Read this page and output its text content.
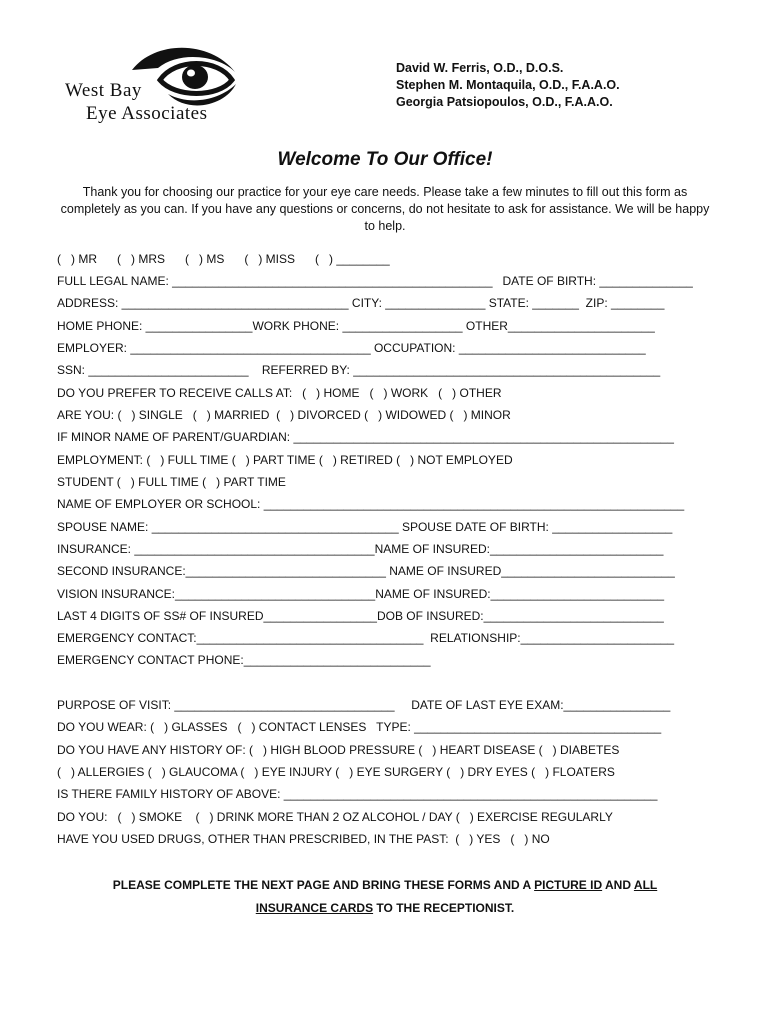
West Bay
Eye Associates
David W. Ferris, O.D., D.O.S.
Stephen M. Montaquila, O.D., F.A.A.O.
Georgia Patsiopoulos, O.D., F.A.A.O.
Welcome To Our Office!
Thank you for choosing our practice for your eye care needs. Please take a few minutes to fill out this form as completely as you can. If you have any questions or concerns, do not hesitate to ask for assistance. We will be happy to help.
(   ) MR      (   ) MRS      (   ) MS      (   ) MISS      (   ) ________
FULL LEGAL NAME: ________________________________________________   DATE OF BIRTH: ______________
ADDRESS: __________________________________ CITY: _______________ STATE: _______  ZIP: ________
HOME PHONE: ________________WORK PHONE: __________________ OTHER______________________
EMPLOYER: ____________________________________ OCCUPATION: ____________________________
SSN: ________________________    REFERRED BY: ______________________________________________
DO YOU PREFER TO RECEIVE CALLS AT:   (   ) HOME   (   ) WORK   (   ) OTHER
ARE YOU: (   ) SINGLE   (   ) MARRIED  (   ) DIVORCED (   ) WIDOWED (   ) MINOR
IF MINOR NAME OF PARENT/GUARDIAN: _________________________________________________________
EMPLOYMENT: (   ) FULL TIME (   ) PART TIME (   ) RETIRED (   ) NOT EMPLOYED
STUDENT (   ) FULL TIME (   ) PART TIME
NAME OF EMPLOYER OR SCHOOL: _______________________________________________________________
SPOUSE NAME: _____________________________________ SPOUSE DATE OF BIRTH: __________________
INSURANCE: ____________________________________NAME OF INSURED:__________________________
SECOND INSURANCE:______________________________ NAME OF INSURED__________________________
VISION INSURANCE:______________________________NAME OF INSURED:__________________________
LAST 4 DIGITS OF SS# OF INSURED_________________DOB OF INSURED:___________________________
EMERGENCY CONTACT:__________________________________  RELATIONSHIP:_______________________
EMERGENCY CONTACT PHONE:____________________________
PURPOSE OF VISIT: _________________________________     DATE OF LAST EYE EXAM:________________
DO YOU WEAR: (   ) GLASSES   (   ) CONTACT LENSES   TYPE: _____________________________________
DO YOU HAVE ANY HISTORY OF: (   ) HIGH BLOOD PRESSURE (   ) HEART DISEASE (   ) DIABETES
(   ) ALLERGIES (   ) GLAUCOMA (   ) EYE INJURY (   ) EYE SURGERY (   ) DRY EYES (   ) FLOATERS
IS THERE FAMILY HISTORY OF ABOVE: ________________________________________________________
DO YOU:   (   ) SMOKE    (   ) DRINK MORE THAN 2 OZ ALCOHOL / DAY (   ) EXERCISE REGULARLY
HAVE YOU USED DRUGS, OTHER THAN PRESCRIBED, IN THE PAST:  (   ) YES   (   ) NO
PLEASE COMPLETE THE NEXT PAGE AND BRING THESE FORMS AND A PICTURE ID AND ALL
INSURANCE CARDS TO THE RECEPTIONIST.
